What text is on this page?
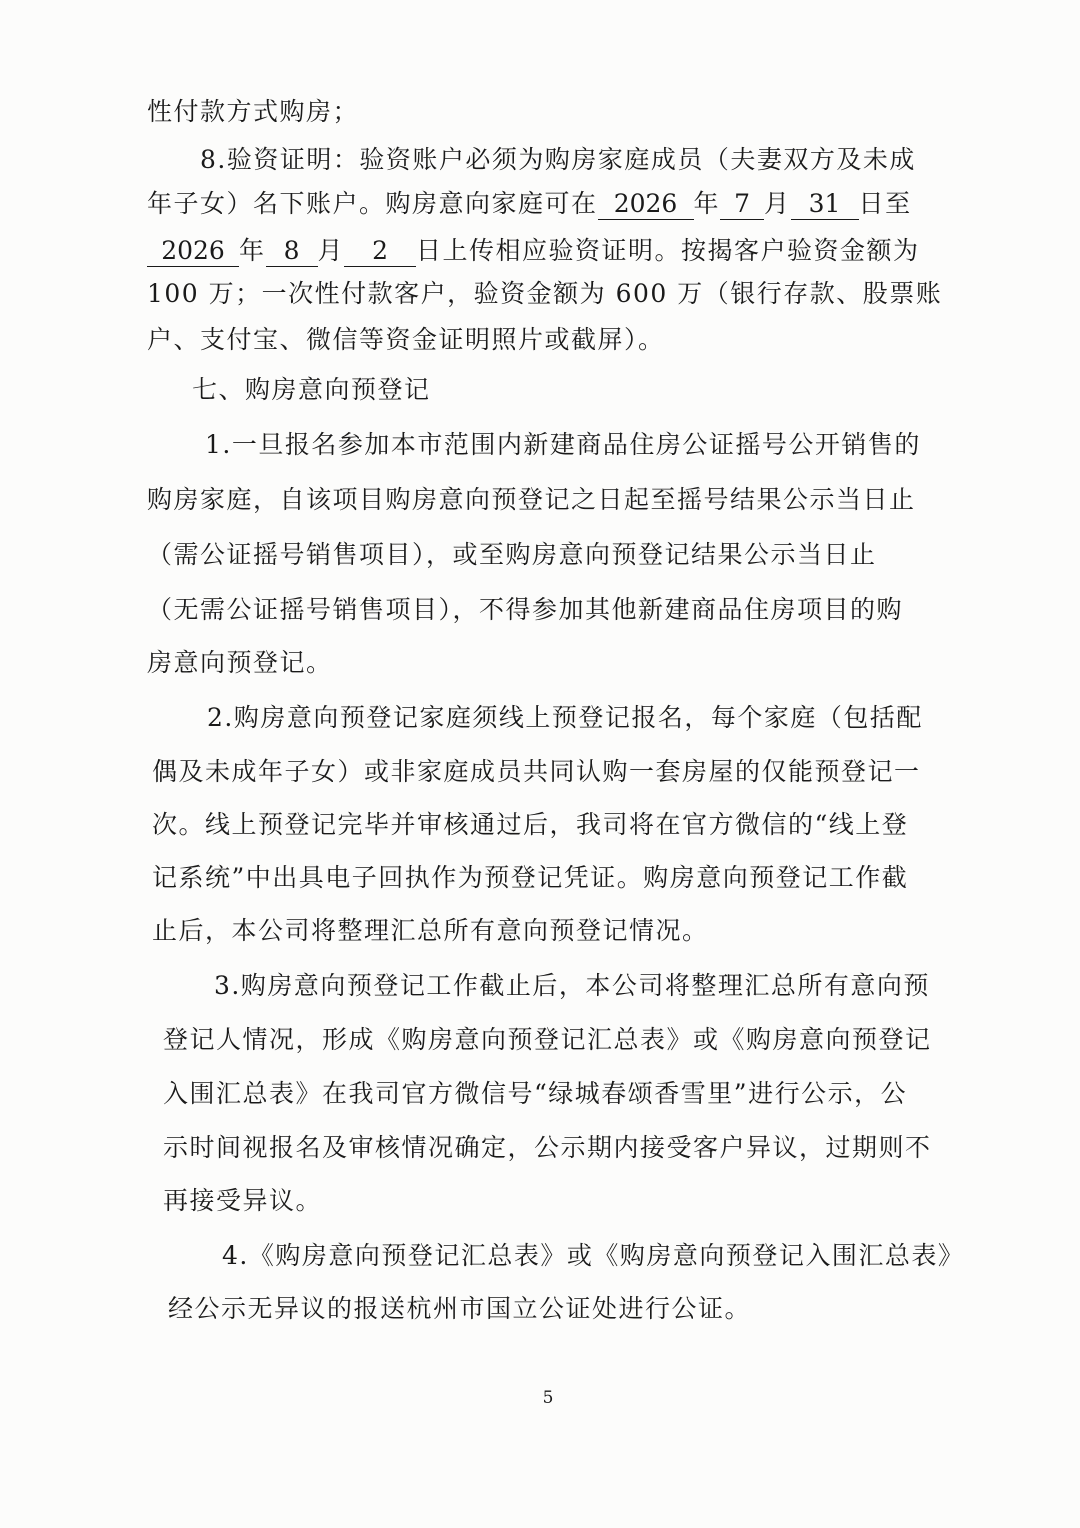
性付款方式购房；
8.验资证明：验资账户必须为购房家庭成员（夫妻双方及未成
年子女）名下账户。购房意向家庭可在 2026 年 7 月 31 日至
2026 年 8 月 2 日上传相应验资证明。按揭客户验资金额为
100 万；一次性付款客户，验资金额为 600 万（银行存款、股票账
户、支付宝、微信等资金证明照片或截屏）。
七、购房意向预登记
1.一旦报名参加本市范围内新建商品住房公证摇号公开销售的
购房家庭，自该项目购房意向预登记之日起至摇号结果公示当日止
（需公证摇号销售项目），或至购房意向预登记结果公示当日止
（无需公证摇号销售项目），不得参加其他新建商品住房项目的购
房意向预登记。
2.购房意向预登记家庭须线上预登记报名，每个家庭（包括配
偶及未成年子女）或非家庭成员共同认购一套房屋的仅能预登记一
次。线上预登记完毕并审核通过后，我司将在官方微信的“线上登
记系统”中出具电子回执作为预登记凭证。购房意向预登记工作截
止后，本公司将整理汇总所有意向预登记情况。
3.购房意向预登记工作截止后，本公司将整理汇总所有意向预
登记人情况，形成《购房意向预登记汇总表》或《购房意向预登记
入围汇总表》在我司官方微信号“绿城春颂香雪里”进行公示，公
示时间视报名及审核情况确定，公示期内接受客户异议，过期则不
再接受异议。
4.《购房意向预登记汇总表》或《购房意向预登记入围汇总表》
经公示无异议的报送杭州市国立公证处进行公证。
5
